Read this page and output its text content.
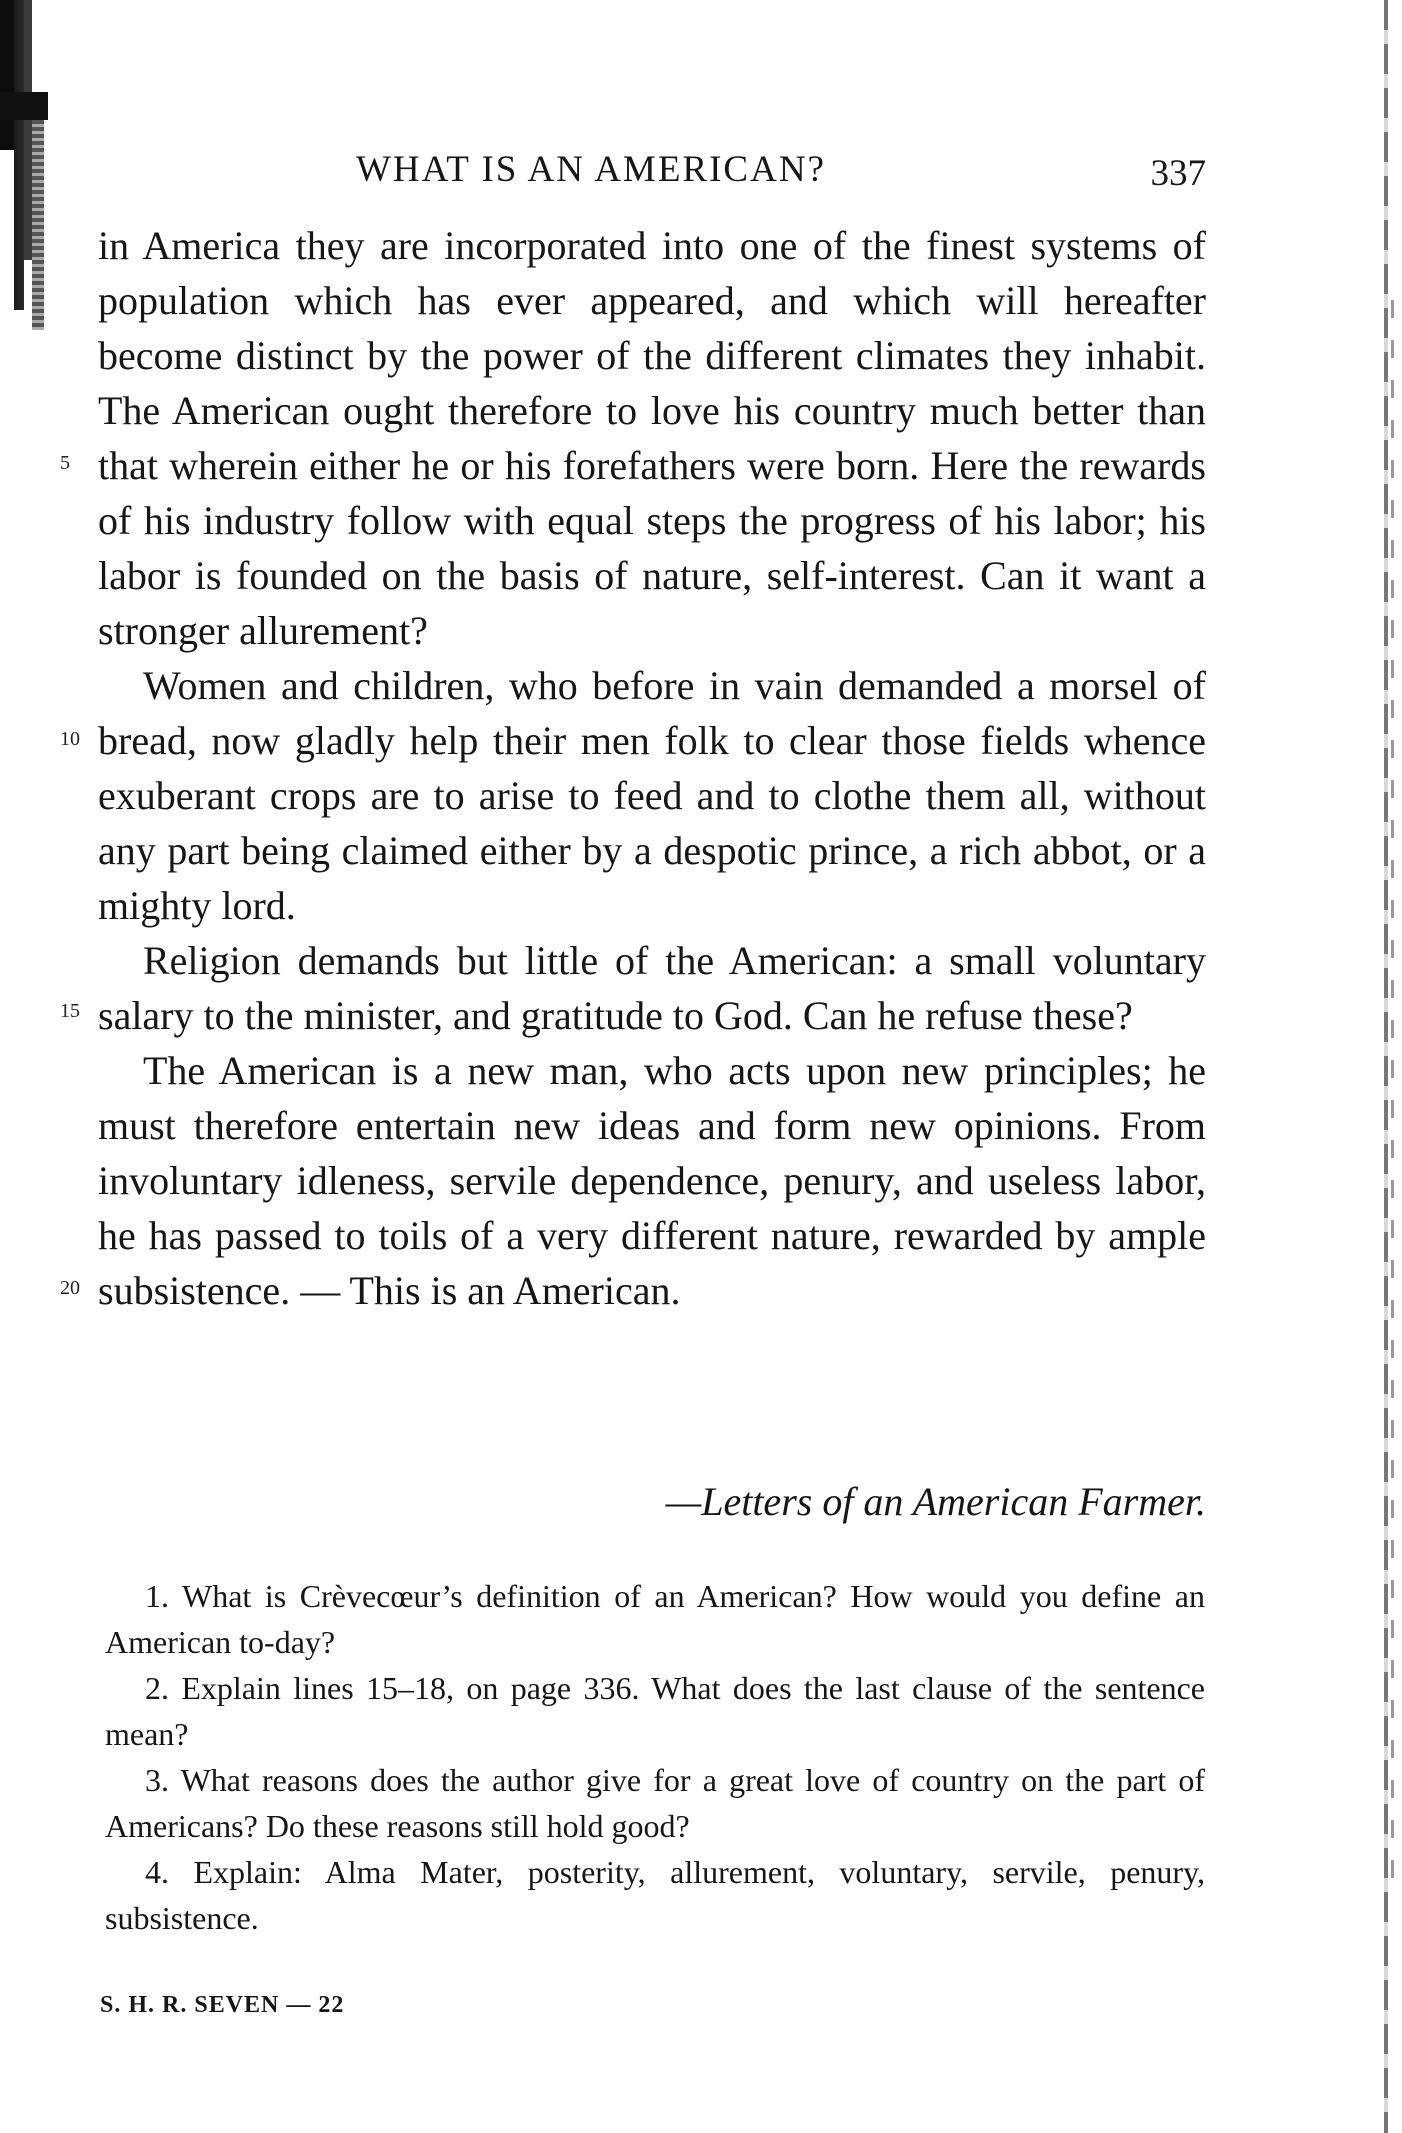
WHAT IS AN AMERICAN?	337

in America they are incorporated into one of the finest systems of population which has ever appeared, and which will hereafter become distinct by the power of the different climates they inhabit. The American ought therefore to love his country much better than that wherein either he or his forefathers were born. Here the rewards of his industry follow with equal steps the progress of his labor; his labor is founded on the basis of nature, self-interest. Can it want a stronger allurement?

Women and children, who before in vain demanded a morsel of bread, now gladly help their men folk to clear those fields whence exuberant crops are to arise to feed and to clothe them all, without any part being claimed either by a despotic prince, a rich abbot, or a mighty lord.

Religion demands but little of the American: a small voluntary salary to the minister, and gratitude to God. Can he refuse these?

The American is a new man, who acts upon new principles; he must therefore entertain new ideas and form new opinions. From involuntary idleness, servile dependence, penury, and useless labor, he has passed to toils of a very different nature, rewarded by ample subsistence. — This is an American.

5
10
15
20
—Letters of an American Farmer.

1. What is Crèvecœur’s definition of an American? How would you define an American to-day?

2. Explain lines 15–18, on page 336. What does the last clause of the sentence mean?

3. What reasons does the author give for a great love of country on the part of Americans? Do these reasons still hold good?

4. Explain: Alma Mater, posterity, allurement, voluntary, servile, penury, subsistence.

S. H. R. SEVEN — 22
